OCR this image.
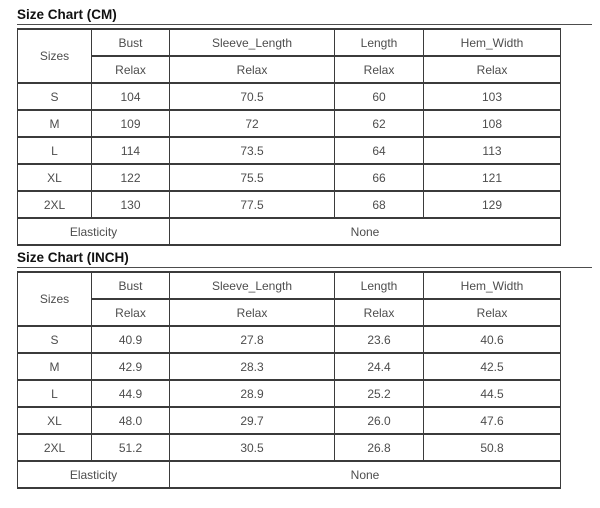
Size Chart (CM)
Sizes	Bust	Sleeve_Length	Length	Hem_Width
	Relax	Relax	Relax	Relax
S	104	70.5	60	103
M	109	72	62	108
L	114	73.5	64	113
XL	122	75.5	66	121
2XL	130	77.5	68	129
Elasticity		None		
Size Chart (INCH)
Sizes	Bust	Sleeve_Length	Length	Hem_Width
	Relax	Relax	Relax	Relax
S	40.9	27.8	23.6	40.6
M	42.9	28.3	24.4	42.5
L	44.9	28.9	25.2	44.5
XL	48.0	29.7	26.0	47.6
2XL	51.2	30.5	26.8	50.8
Elasticity		None		
